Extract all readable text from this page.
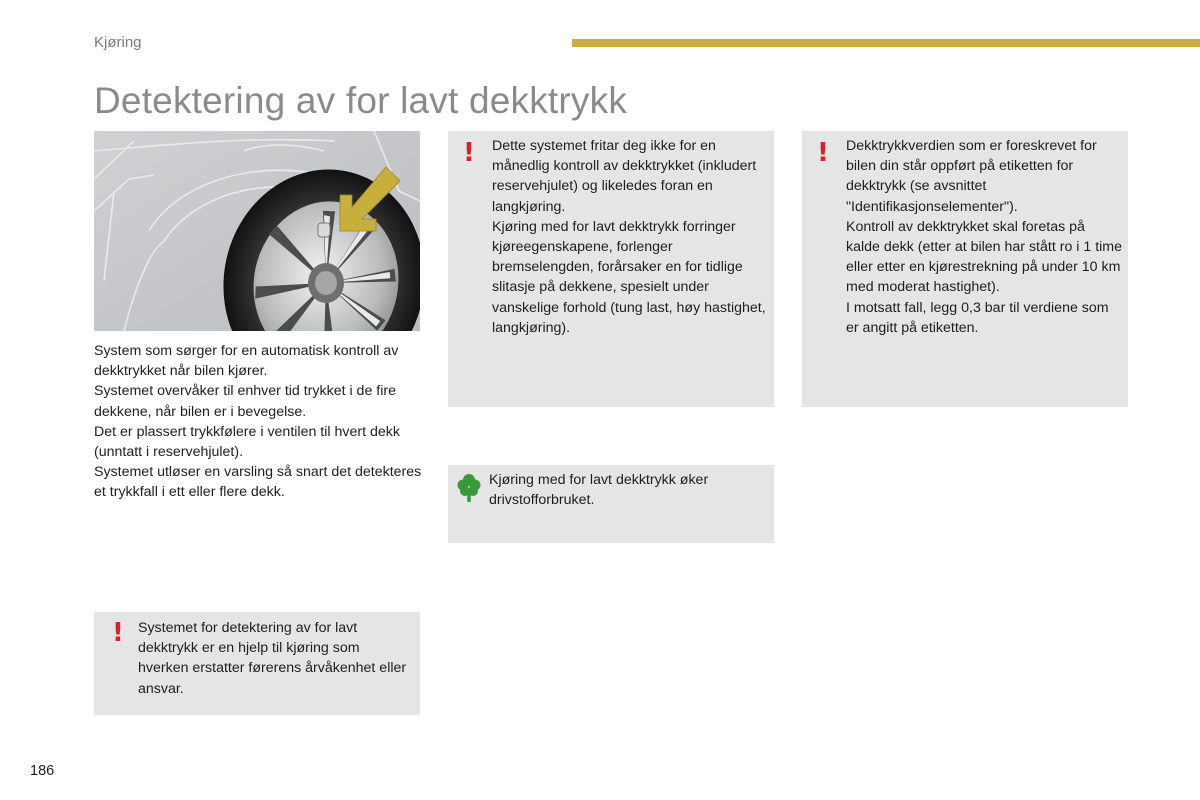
Kjøring
Detektering av for lavt dekktrykk

System som sørger for en automatisk kontroll av dekktrykket når bilen kjører.

Systemet overvåker til enhver tid trykket i de fire dekkene, når bilen er i bevegelse.

Det er plassert trykkfølere i ventilen til hvert dekk (unntatt i reservehjulet).

Systemet utløser en varsling så snart det detekteres et trykkfall i ett eller flere dekk.

! Systemet for detektering av for lavt dekktrykk er en hjelp til kjøring som hverken erstatter førerens årvåkenhet eller ansvar.

! Dette systemet fritar deg ikke for en månedlig kontroll av dekktrykket (inkludert reservehjulet) og likeledes foran en langkjøring.

Kjøring med for lavt dekktrykk forringer kjøreegenskapene, forlenger bremselengden, forårsaker en for tidlige slitasje på dekkene, spesielt under vanskelige forhold (tung last, høy hastighet, langkjøring).

! Dekktrykkverdien som er foreskrevet for bilen din står oppført på etiketten for dekktrykk (se avsnittet "Identifikasjonselementer").

Kontroll av dekktrykket skal foretas på kalde dekk (etter at bilen har stått ro i 1 time eller etter en kjørestrekning på under 10 km med moderat hastighet).

I motsatt fall, legg 0,3 bar til verdiene som er angitt på etiketten.

Kjøring med for lavt dekktrykk øker drivstofforbruket.

186
